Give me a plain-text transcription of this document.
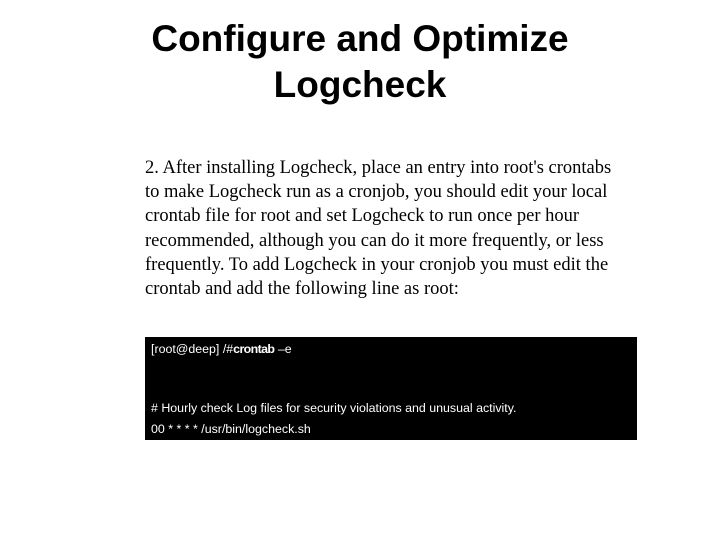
Configure and Optimize
Logcheck
2. After installing Logcheck, place an entry into root's crontabs
to make Logcheck run as a cronjob, you should edit your local
crontab file for root and set Logcheck to run once per hour
recommended, although you can do it more frequently, or less
frequently. To add Logcheck in your cronjob you must edit the
crontab and add the following line as root:
[root@deep] /#crontab –e
# Hourly check Log files for security violations and unusual activity.
00 * * * * /usr/bin/logcheck.sh
